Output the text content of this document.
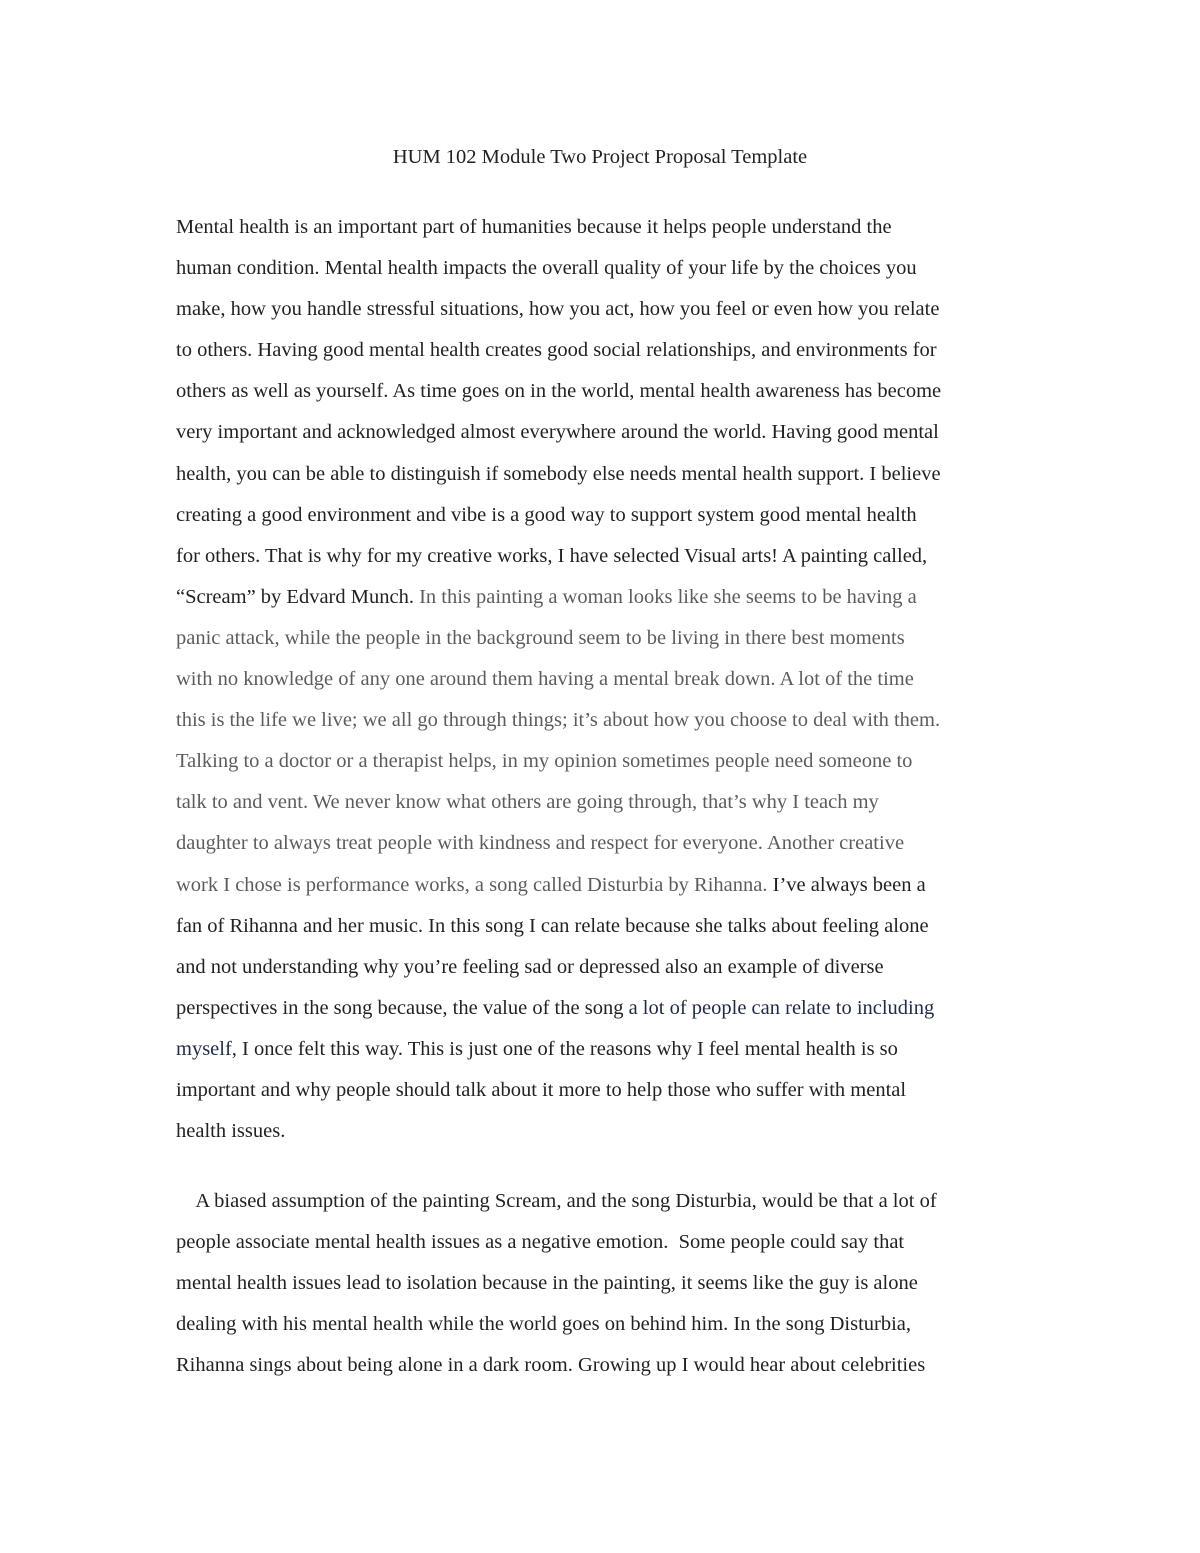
HUM 102 Module Two Project Proposal Template
Mental health is an important part of humanities because it helps people understand the
human condition. Mental health impacts the overall quality of your life by the choices you
make, how you handle stressful situations, how you act, how you feel or even how you relate
to others. Having good mental health creates good social relationships, and environments for
others as well as yourself. As time goes on in the world, mental health awareness has become
very important and acknowledged almost everywhere around the world. Having good mental
health, you can be able to distinguish if somebody else needs mental health support. I believe
creating a good environment and vibe is a good way to support system good mental health
for others. That is why for my creative works, I have selected Visual arts! A painting called,
“Scream” by Edvard Munch. In this painting a woman looks like she seems to be having a
panic attack, while the people in the background seem to be living in there best moments
with no knowledge of any one around them having a mental break down. A lot of the time
this is the life we live; we all go through things; it’s about how you choose to deal with them.
Talking to a doctor or a therapist helps, in my opinion sometimes people need someone to
talk to and vent. We never know what others are going through, that’s why I teach my
daughter to always treat people with kindness and respect for everyone. Another creative
work I chose is performance works, a song called Disturbia by Rihanna. I’ve always been a
fan of Rihanna and her music. In this song I can relate because she talks about feeling alone
and not understanding why you’re feeling sad or depressed also an example of diverse
perspectives in the song because, the value of the song a lot of people can relate to including
myself, I once felt this way. This is just one of the reasons why I feel mental health is so
important and why people should talk about it more to help those who suffer with mental
health issues.
A biased assumption of the painting Scream, and the song Disturbia, would be that a lot of
people associate mental health issues as a negative emotion.  Some people could say that
mental health issues lead to isolation because in the painting, it seems like the guy is alone
dealing with his mental health while the world goes on behind him. In the song Disturbia,
Rihanna sings about being alone in a dark room. Growing up I would hear about celebrities
